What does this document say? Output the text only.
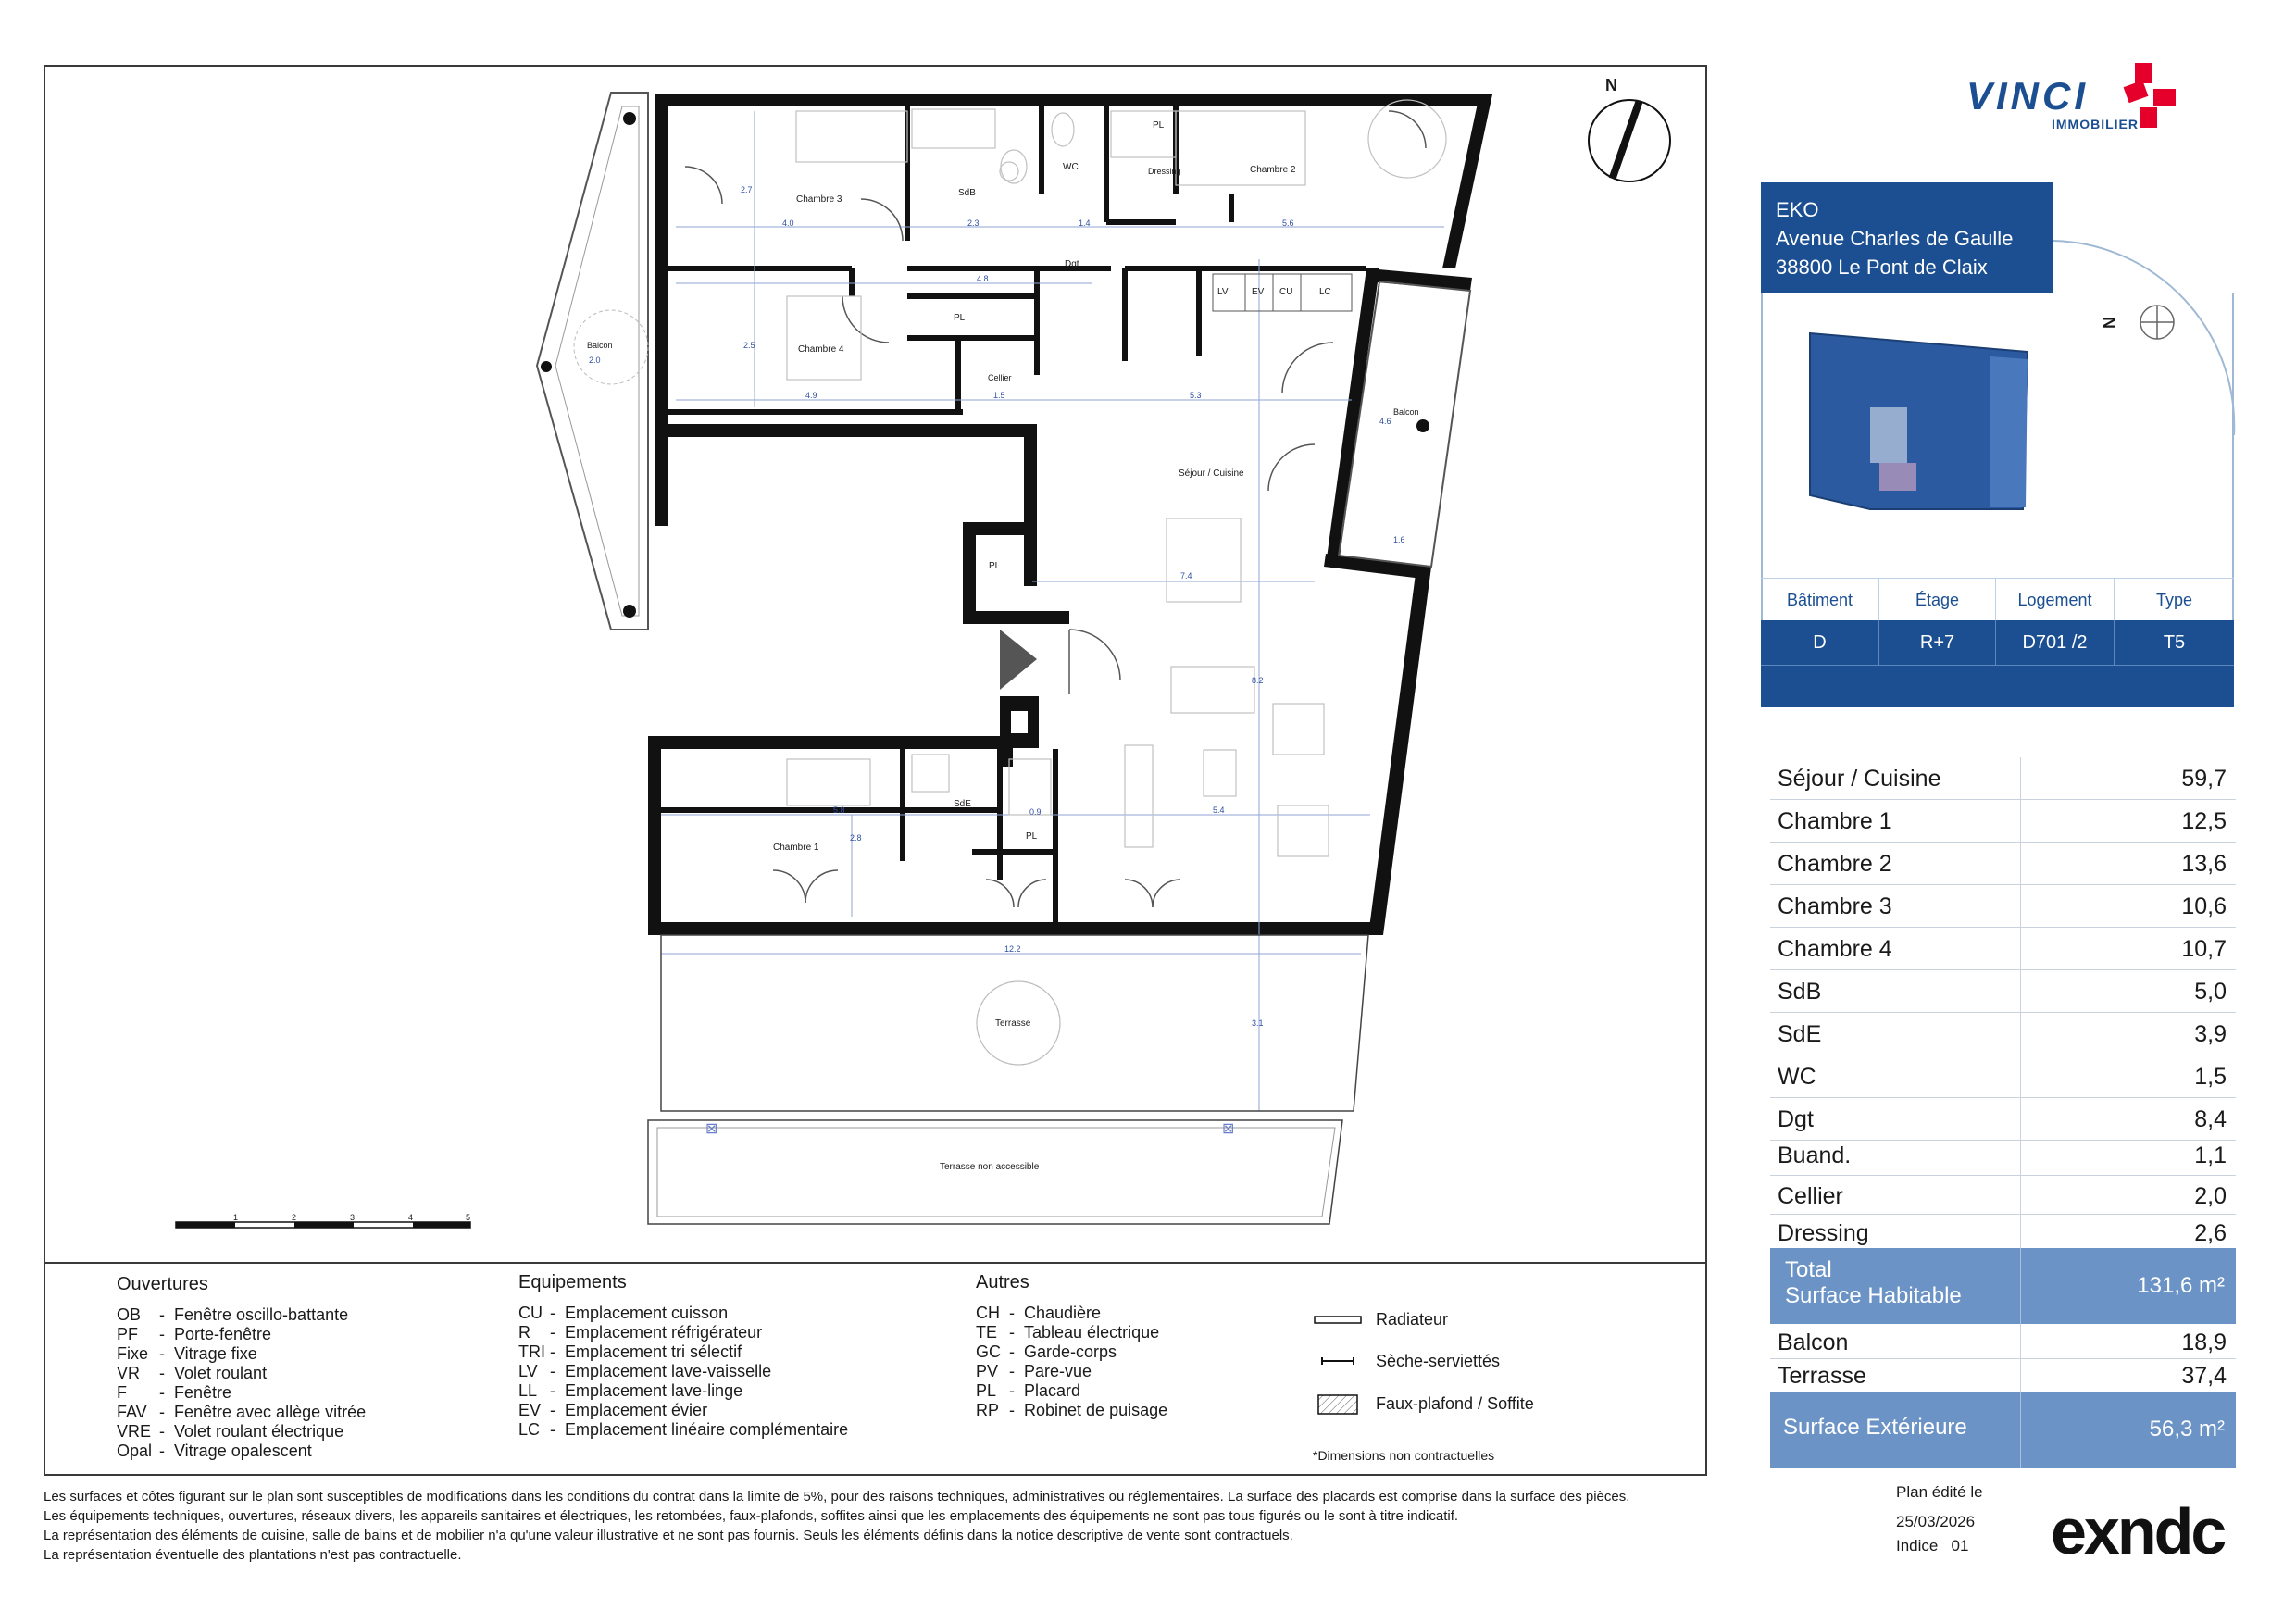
⊠	⊠
exndc
Chambre 3
SdB
WC	Dressing
PL
Chambre 2
Dgt
Chambre 4
PL
Cellier
LV	EV CU	LC
Séjour / Cuisine
PL
Balcon
Balcon
Chambre 1
SdE
PL
Terrasse
Terrasse non accessible
4.0	2.3	1.4	5.6
4.8
4.9	1.5	5.3
7.4
5.8	5.4
12.2
3.1
2.0
1.6
4.6
2.7
2.8
2.5
8.2
0.9
1	2	3	4	5
N
N
VINCI
IMMOBILIER
EKO
Avenue Charles de Gaulle
38800 Le Pont de Claix
Bâtiment	Étage	Logement	Type
D	R+7	D701 /2	T5
Séjour / Cuisine	59,7
Chambre 1	12,5
Chambre 2	13,6
Chambre 3	10,6
Chambre 4	10,7
SdB	5,0
SdE	3,9
WC	1,5
Dgt	8,4
Buand.	1,1
Cellier	2,0
Dressing	2,6
Total
Surface Habitable	131,6 m²
Balcon	18,9
Terrasse	37,4
Surface Extérieure	56,3 m²
Ouvertures
OB - Fenêtre oscillo-battante
PF - Porte-fenêtre
Fixe - Vitrage fixe
VR - Volet roulant
F - Fenêtre
FAV - Fenêtre avec allège vitrée
VRE - Volet roulant électrique
Opal - Vitrage opalescent
Equipements
CU - Emplacement cuisson
R - Emplacement réfrigérateur
TRI - Emplacement tri sélectif
LV - Emplacement lave-vaisselle
LL - Emplacement lave-linge
EV - Emplacement évier
LC - Emplacement linéaire complémentaire
Autres
CH - Chaudière
TE - Tableau électrique
GC - Garde-corps
PV - Pare-vue
PL - Placard
RP - Robinet de puisage
Radiateur
Sèche-serviettés
Faux-plafond / Soffite
*Dimensions non contractuelles
Les surfaces et côtes figurant sur le plan sont susceptibles de modifications dans les conditions du contrat dans la limite de 5%, pour des raisons techniques, administratives ou réglementaires. La surface des placards est comprise dans la surface des pièces.
Les équipements techniques, ouvertures, réseaux divers, les appareils sanitaires et électriques, les retombées, faux-plafonds, soffites ainsi que les emplacements des équipements ne sont pas tous figurés ou le sont à titre indicatif.
La représentation des éléments de cuisine, salle de bains et de mobilier n'a qu'une valeur illustrative et ne sont pas fournis. Seuls les éléments définis dans la notice descriptive de vente sont contractuels.
La représentation éventuelle des plantations n'est pas contractuelle.
Plan édité le
25/03/2026
Indice   01
